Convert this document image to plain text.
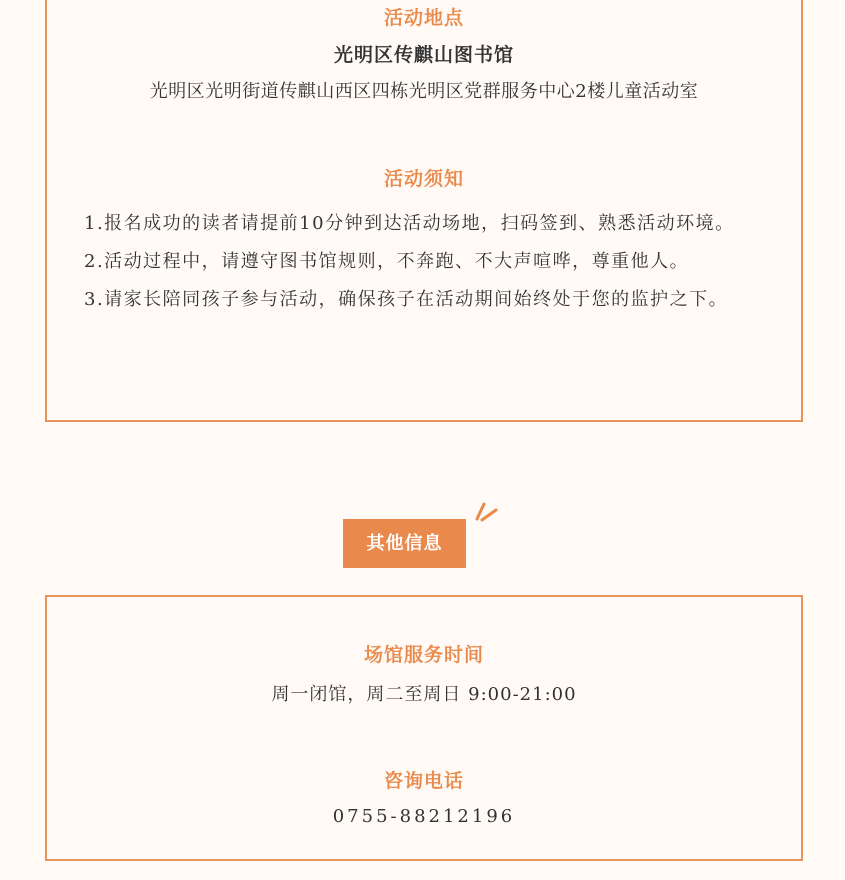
活动地点
光明区传麒山图书馆
光明区光明街道传麒山西区四栋光明区党群服务中心2楼儿童活动室
活动须知
1.报名成功的读者请提前10分钟到达活动场地，扫码签到、熟悉活动环境。
2.活动过程中，请遵守图书馆规则，不奔跑、不大声喧哗，尊重他人。
3.请家长陪同孩子参与活动，确保孩子在活动期间始终处于您的监护之下。
其他信息
场馆服务时间
周一闭馆，周二至周日 9:00-21:00
咨询电话
0755-88212196
